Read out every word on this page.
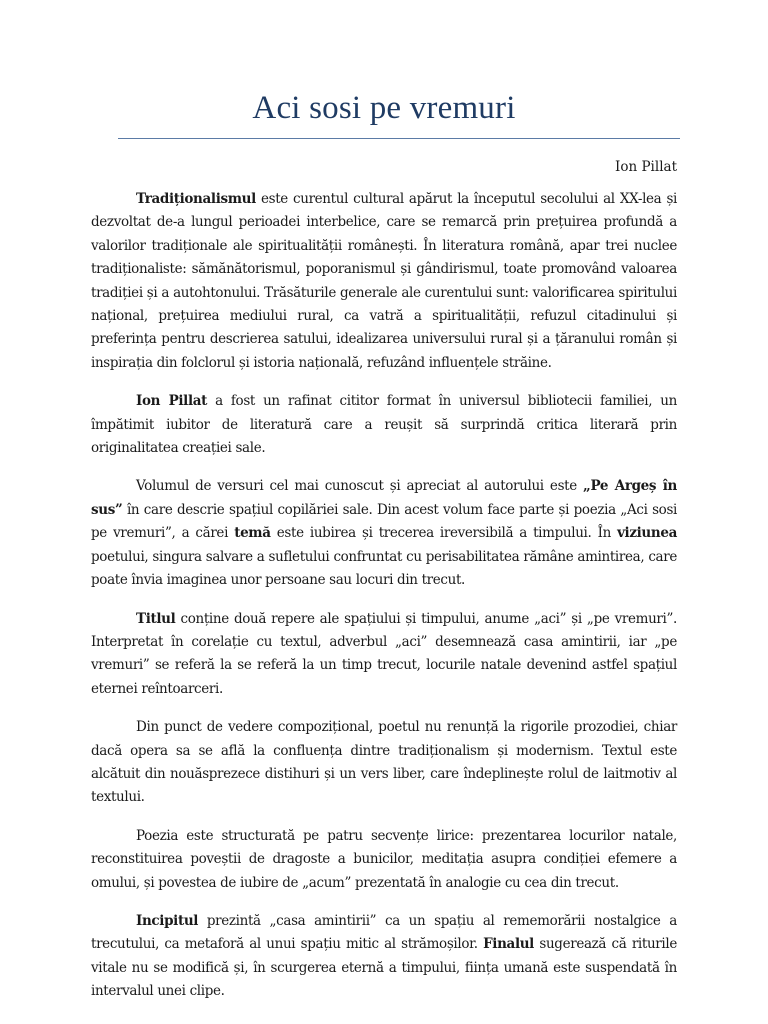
Aci sosi pe vremuri

Ion Pillat

Tradiționalismul este curentul cultural apărut la începutul secolului al XX-lea și dezvoltat de-a lungul perioadei interbelice, care se remarcă prin prețuirea profundă a valorilor tradiționale ale spiritualității românești. În literatura română, apar trei nuclee tradiționaliste: sămănătorismul, poporanismul și gândirismul, toate promovând valoarea tradiției și a autohtonului. Trăsăturile generale ale curentului sunt: valorificarea spiritului național, prețuirea mediului rural, ca vatră a spiritualității, refuzul citadinului și preferința pentru descrierea satului, idealizarea universului rural și a țăranului român și inspirația din folclorul și istoria națională, refuzând influențele străine.

Ion Pillat a fost un rafinat cititor format în universul bibliotecii familiei, un împătimit iubitor de literatură care a reușit să surprindă critica literară prin originalitatea creației sale.

Volumul de versuri cel mai cunoscut și apreciat al autorului este „Pe Argeș în sus” în care descrie spațiul copilăriei sale. Din acest volum face parte și poezia „Aci sosi pe vremuri”, a cărei temă este iubirea și trecerea ireversibilă a timpului. În viziunea poetului, singura salvare a sufletului confruntat cu perisabilitatea rămâne amintirea, care poate învia imaginea unor persoane sau locuri din trecut.

Titlul conține două repere ale spațiului și timpului, anume „aci” și „pe vremuri”. Interpretat în corelație cu textul, adverbul „aci” desemnează casa amintirii, iar „pe vremuri” se referă la se referă la un timp trecut, locurile natale devenind astfel spațiul eternei reîntoarceri.

Din punct de vedere compozițional, poetul nu renunță la rigorile prozodiei, chiar dacă opera sa se află la confluența dintre tradiționalism și modernism. Textul este alcătuit din nouăsprezece distihuri și un vers liber, care îndeplinește rolul de laitmotiv al textului.

Poezia este structurată pe patru secvențe lirice: prezentarea locurilor natale, reconstituirea poveștii de dragoste a bunicilor, meditația asupra condiției efemere a omului, și povestea de iubire de „acum” prezentată în analogie cu cea din trecut.

Incipitul prezintă „casa amintirii” ca un spațiu al rememorării nostalgice a trecutului, ca metaforă al unui spațiu mitic al strămoșilor. Finalul sugerează că riturile vitale nu se modifică și, în scurgerea eternă a timpului, ființa umană este suspendată în intervalul unei clipe.
